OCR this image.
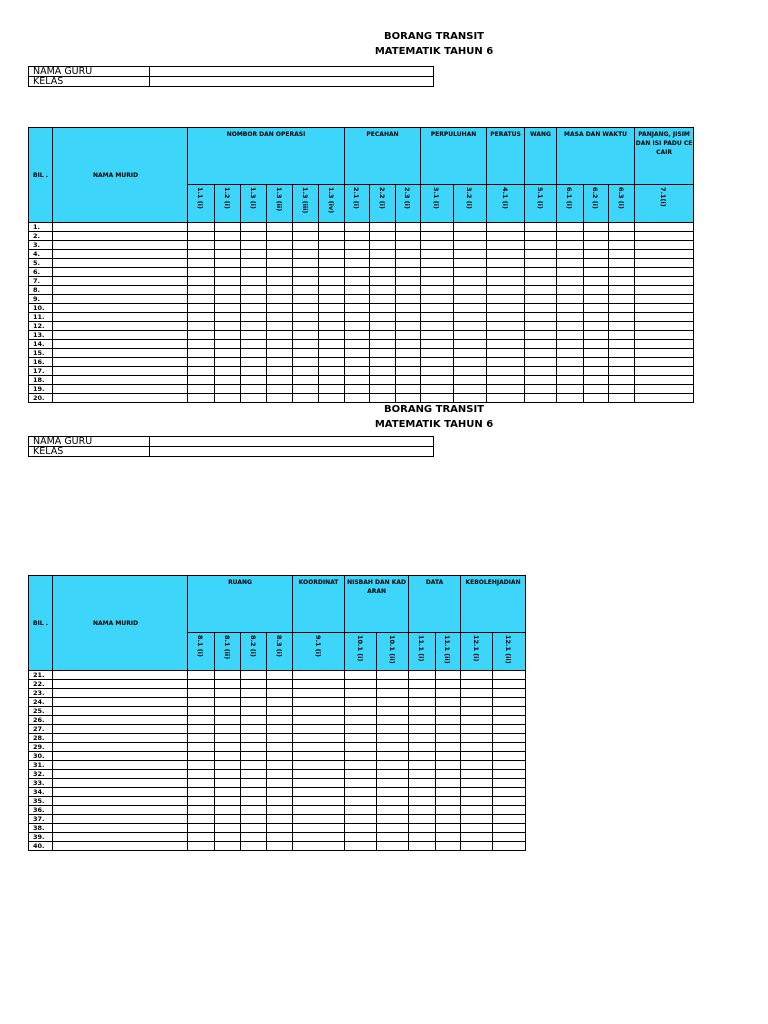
BORANG TRANSIT
MATEMATIK TAHUN 6
NAMA GURU	
KELAS	
BIL .	NAMA MURID	NOMBOR DAN OPERASI						PECAHAN			PERPULUHAN		PERATUS	WANG	MASA DAN WAKTU			PANJANG, JISIM DAN ISI PADU CECAIR

		1.1 (i)	1.2 (i)	1.3 (i)	1.3 (ii)	1.3 (iii)	1.3 (iv)	2.1 (i)	2.2 (i)	2.3 (i)	3.1 (i)	3.2 (i)	4.1 (i)	5.1 (i)	6.1 (i)	6.2 (i)	6.3 (i)	7.1(i)

1.																		
2.																		
3.																		
4.																		
5.																		
6.																		
7.																		
8.																		
9.																		
10.																		
11.																		
12.																		
13.																		
14.																		
15.																		
16.																		
17.																		
18.																		
19.																		
20.																		
BORANG TRANSIT
MATEMATIK TAHUN 6
NAMA GURU	
KELAS	
BIL .	NAMA MURID	RUANG				KOORDINAT	NISBAH DAN KADARAN		DATA		KEBOLEHJADIAN	

		8.1 (i)	8.1 (ii)	8.2 (i)	8.3 (i)	9.1 (i)	10.1 (i)	10.1 (ii)	11.1 (i)	11.1 (ii)	12.1 (i)	12.1 (ii)

21.												
22.												
23.												
24.												
25.												
26.												
27.												
28.												
29.												
30.												
31.												
32.												
33.												
34.												
35.												
36.												
37.												
38.												
39.												
40.												
